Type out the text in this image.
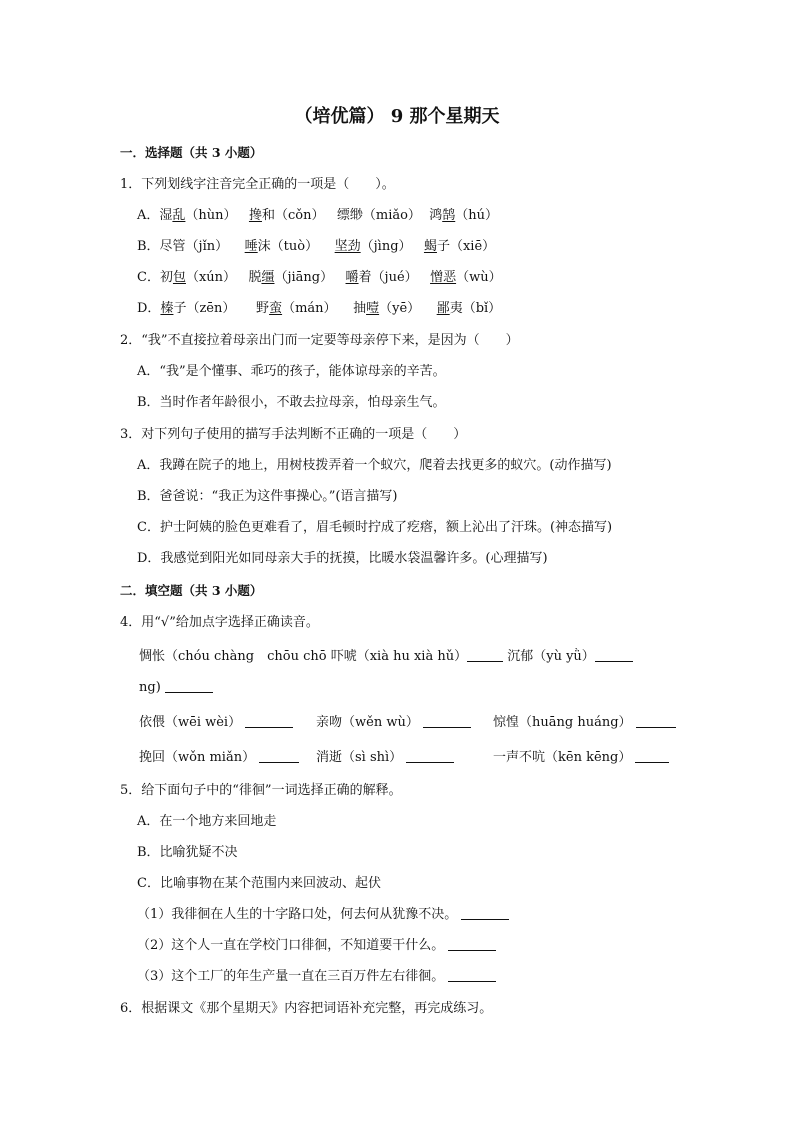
（培优篇） 9 那个星期天
一．选择题（共 3 小题）
1．下列划线字注音完全正确的一项是（　　）。
A．湿乱（hùn） 搀和（cǒn） 缥缈（miǎo） 鸿鹄（hú）
B．尽管（jǐn） 唾沫（tuò） 坚劲（jìng） 蝎子（xiē）
C．初包（xún） 脱缰（jiāng） 嚼着（jué） 憎恶（wù）
D．榛子（zēn） 野蛮（mán） 抽噎（yē） 鄙夷（bǐ）
2．“我”不直接拉着母亲出门而一定要等母亲停下来，是因为（　　）
A．“我”是个懂事、乖巧的孩子，能体谅母亲的辛苦。
B．当时作者年龄很小，不敢去拉母亲，怕母亲生气。
3．对下列句子使用的描写手法判断不正确的一项是（　　）
A．我蹲在院子的地上，用树枝拨弄着一个蚁穴，爬着去找更多的蚁穴。(动作描写)
B．爸爸说：“我正为这件事操心。”(语言描写)
C．护士阿姨的脸色更难看了，眉毛顿时拧成了疙瘩，额上沁出了汗珠。(神态描写)
D．我感觉到阳光如同母亲大手的抚摸，比暖水袋温馨许多。(心理描写)
二．填空题（共 3 小题）
4．用“√”给加点字选择正确读音。
惆怅（chóu chàng　chōu chō 吓唬（xià hu xià hǔ）	沉郁（yù yǜ）
ng)
依偎（wēi wèi）	亲吻（wěn wù）	惊惶（huāng huáng）
挽回（wǒn miǎn）	消逝（sì shì）	一声不吭（kēn kēng）
5．给下面句子中的“徘徊”一词选择正确的解释。
A．在一个地方来回地走
B．比喻犹疑不决
C．比喻事物在某个范围内来回波动、起伏
（1）我徘徊在人生的十字路口处，何去何从犹豫不决。
（2）这个人一直在学校门口徘徊，不知道要干什么。
（3）这个工厂的年生产量一直在三百万件左右徘徊。
6．根据课文《那个星期天》内容把词语补充完整，再完成练习。
